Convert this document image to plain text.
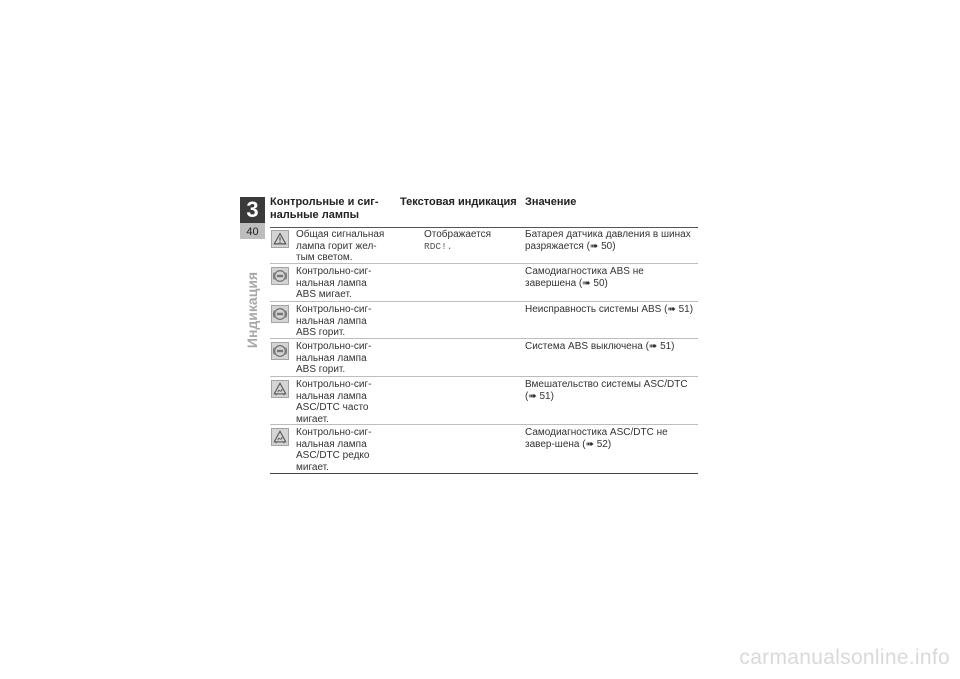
3
40
Индикация
Контрольные и сиг-нальные лампы
Текстовая индикация Значение
Общая сигнальная лампа горит жел-тым светом.
Отображается
RDC!.
Батарея датчика давления в шинах разряжается (➠ 50)
Контрольно-сиг-нальная лампа ABS мигает.
Самодиагностика ABS не завершена (➠ 50)
Контрольно-сиг-нальная лампа ABS горит.
Неисправность системы ABS (➠ 51)
Контрольно-сиг-нальная лампа ABS горит.
Система ABS выключена (➠ 51)
Контрольно-сиг-нальная лампа ASC/DTC часто мигает.
Вмешательство системы ASC/DTC (➠ 51)
Контрольно-сиг-нальная лампа ASC/DTC редко мигает.
Самодиагностика ASC/DTC не завер-шена (➠ 52)
carmanualsonline.info
